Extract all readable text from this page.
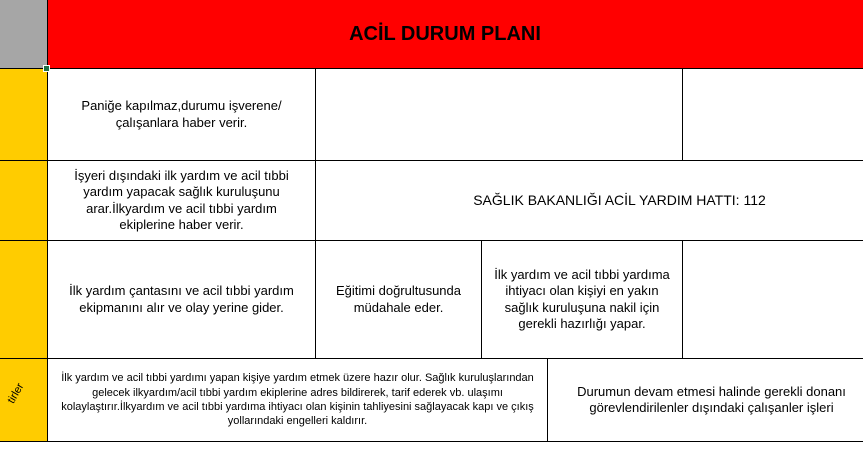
ACİL DURUM PLANI
tirler
Paniğe kapılmaz,durumu işverene/ çalışanlara haber verir.
İşyeri dışındaki ilk yardım ve acil tıbbi yardım yapacak sağlık kuruluşunu arar.İlkyardım ve acil tıbbi yardım ekiplerine haber verir.
SAĞLIK BAKANLIĞI ACİL YARDIM HATTI: 112
İlk yardım çantasını ve acil tıbbi yardım ekipmanını alır ve olay yerine gider.
Eğitimi doğrultusunda müdahale eder.
İlk yardım ve acil tıbbi yardıma ihtiyacı olan kişiyi en yakın sağlık kuruluşuna nakil için gerekli hazırlığı yapar.
İlk yardım ve acil tıbbi yardımı yapan kişiye yardım etmek üzere hazır olur. Sağlık kuruluşlarından gelecek ilkyardım/acil tıbbi yardım ekiplerine adres bildirerek, tarif ederek vb. ulaşımı kolaylaştırır.İlkyardım ve acil tıbbi yardıma ihtiyacı olan kişinin tahliyesini sağlayacak kapı ve çıkış yollarındaki engelleri kaldırır.
Durumun devam etmesi halinde gerekli donanı görevlendirilenler dışındaki çalışanler işleri
